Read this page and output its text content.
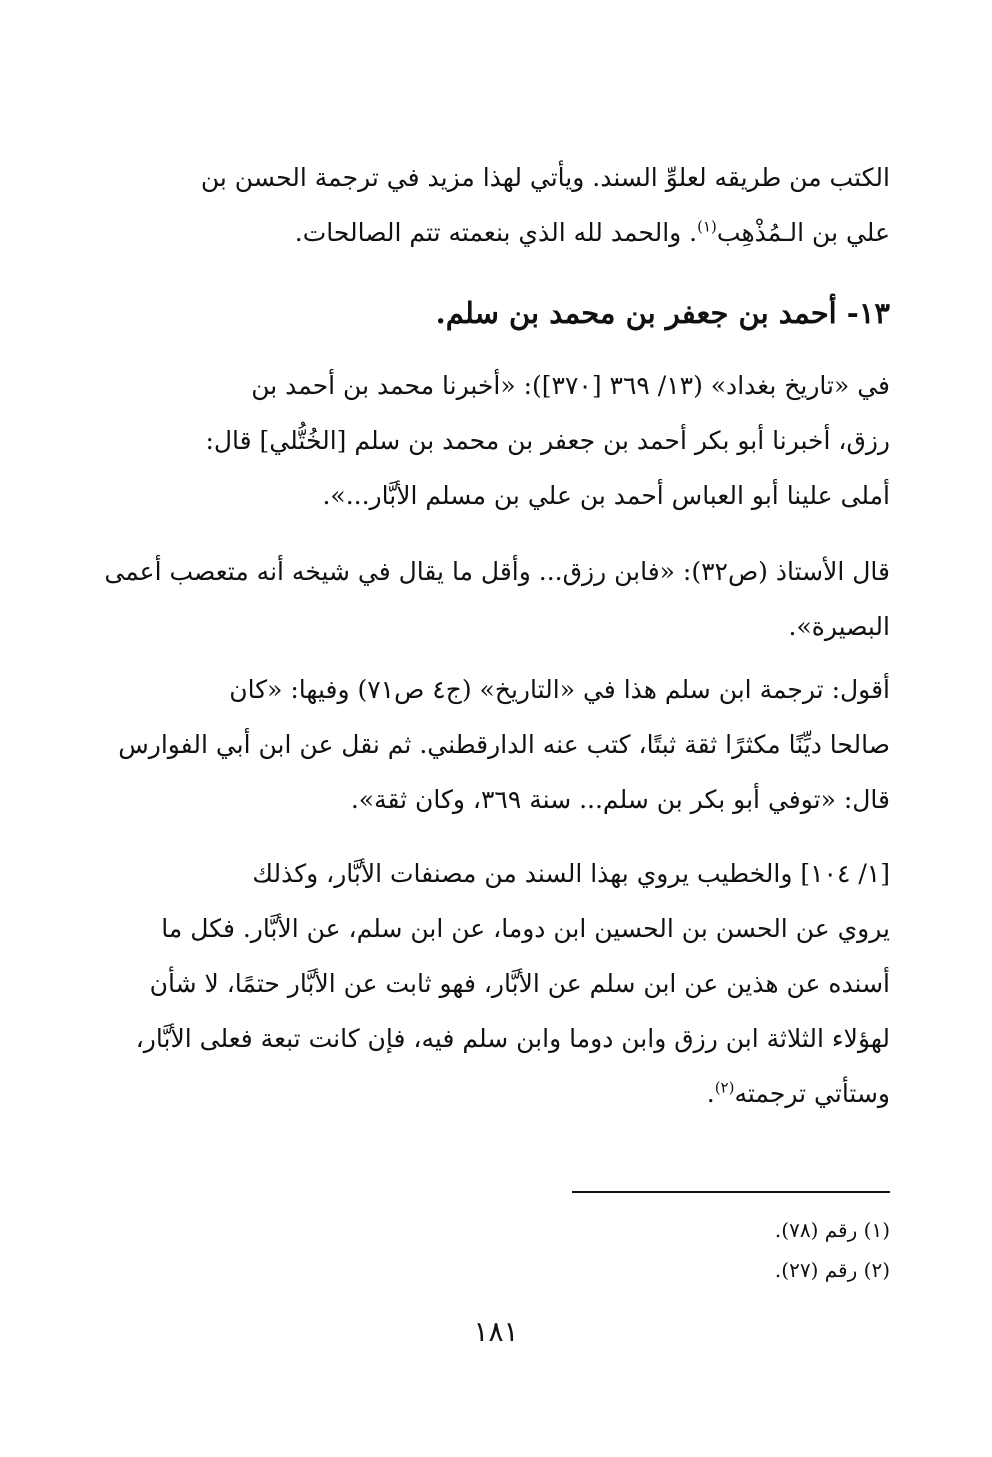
الكتب من طريقه لعلوِّ السند. ويأتي لهذا مزيد في ترجمة الحسن بن
علي بن الـمُذْهِب$^{(١)}$. والحمد لله الذي بنعمته تتم الصالحات.
١٣- أحمد بن جعفر بن محمد بن سلم.
في «تاريخ بغداد» (١٣/ ٣٦٩ [٣٧٠]): «أخبرنا محمد بن أحمد بن
رزق، أخبرنا أبو بكر أحمد بن جعفر بن محمد بن سلم [الخُتُّلي] قال:
أملى علينا أبو العباس أحمد بن علي بن مسلم الأبَّار...».
قال الأستاذ (ص٣٢): «فابن رزق... وأقل ما يقال في شيخه أنه متعصب أعمى
البصيرة».
أقول: ترجمة ابن سلم هذا في «التاريخ» (ج٤ ص٧١) وفيها: «كان
صالحا ديِّنًا مكثرًا ثقة ثبتًا، كتب عنه الدارقطني. ثم نقل عن ابن أبي الفوارس
قال: «توفي أبو بكر بن سلم... سنة ٣٦٩، وكان ثقة».
[١/ ١٠٤] والخطيب يروي بهذا السند من مصنفات الأبَّار، وكذلك
يروي عن الحسن بن الحسين ابن دوما، عن ابن سلم، عن الأبَّار. فكل ما
أسنده عن هذين عن ابن سلم عن الأبَّار، فهو ثابت عن الأبَّار حتمًا، لا شأن
لهؤلاء الثلاثة ابن رزق وابن دوما وابن سلم فيه، فإن كانت تبعة فعلى الأبَّار،
وستأتي ترجمته$^{(٢)}$.
(١) رقم (٧٨).
(٢) رقم (٢٧).
١٨١
